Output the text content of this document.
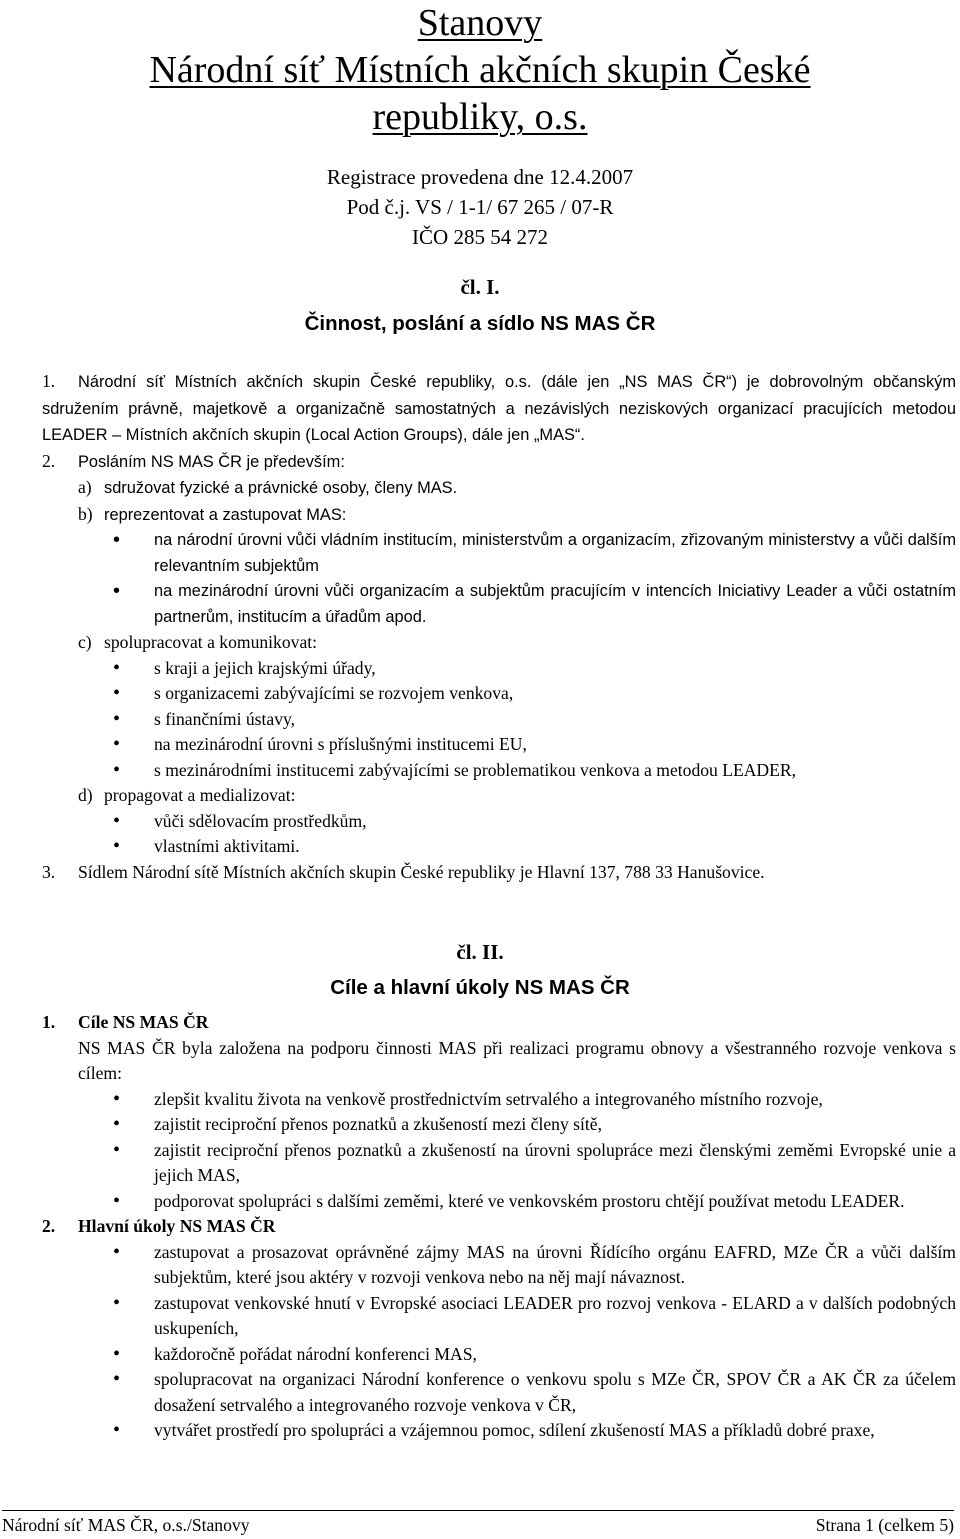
Stanovy
Národní síť Místních akčních skupin České
republiky, o.s.
Registrace provedena dne 12.4.2007
Pod č.j. VS / 1-1/ 67 265 / 07-R
IČO 285 54 272
čl. I.
Činnost, poslání a sídlo NS MAS ČR

1. Národní síť Místních akčních skupin České republiky, o.s. (dále jen „NS MAS ČR“) je dobrovolným občanským sdružením právně, majetkově a organizačně samostatných a nezávislých neziskových organizací pracujících metodou LEADER – Místních akčních skupin (Local Action Groups), dále jen „MAS“.

2. Posláním NS MAS ČR je především:

a) sdružovat fyzické a právnické osoby, členy MAS.

b) reprezentovat a zastupovat MAS:

• na národní úrovni vůči vládním institucím, ministerstvům a organizacím, zřizovaným ministerstvy a vůči dalším relevantním subjektům
• na mezinárodní úrovni vůči organizacím a subjektům pracujícím v intencích Iniciativy Leader a vůči ostatním partnerům, institucím a úřadům apod.

c) spolupracovat a komunikovat:

• s kraji a jejich krajskými úřady,
• s organizacemi zabývajícími se rozvojem venkova,
• s finančními ústavy,
• na mezinárodní úrovni s příslušnými institucemi EU,
• s mezinárodními institucemi zabývajícími se problematikou venkova a metodou LEADER,

d) propagovat a medializovat:

• vůči sdělovacím prostředkům,
• vlastními aktivitami.

3. Sídlem Národní sítě Místních akčních skupin České republiky je Hlavní 137, 788 33 Hanušovice.

čl. II.
Cíle a hlavní úkoly NS MAS ČR

1. Cíle NS MAS ČR

NS MAS ČR byla založena na podporu činnosti MAS při realizaci programu obnovy a všestranného rozvoje venkova s cílem:

• zlepšit kvalitu života na venkově prostřednictvím setrvalého a integrovaného místního rozvoje,
• zajistit reciproční přenos poznatků a zkušeností mezi členy sítě,
• zajistit reciproční přenos poznatků a zkušeností na úrovni spolupráce mezi členskými zeměmi Evropské unie a jejich MAS,
• podporovat spolupráci s dalšími zeměmi, které ve venkovském prostoru chtějí používat metodu LEADER.

2. Hlavní úkoly NS MAS ČR

• zastupovat a prosazovat oprávněné zájmy MAS na úrovni Řídícího orgánu EAFRD, MZe ČR a vůči dalším subjektům, které jsou aktéry v rozvoji venkova nebo na něj mají návaznost.
• zastupovat venkovské hnutí v Evropské asociaci LEADER pro rozvoj venkova - ELARD a v dalších podobných uskupeních,
• každoročně pořádat národní konferenci MAS,
• spolupracovat na organizaci Národní konference o venkovu spolu s MZe ČR, SPOV ČR a AK ČR za účelem dosažení setrvalého a integrovaného rozvoje venkova v ČR,
• vytvářet prostředí pro spolupráci a vzájemnou pomoc, sdílení zkušeností MAS a příkladů dobré praxe,
Národní síť MAS ČR, o.s./Stanovy	Strana 1 (celkem 5)
